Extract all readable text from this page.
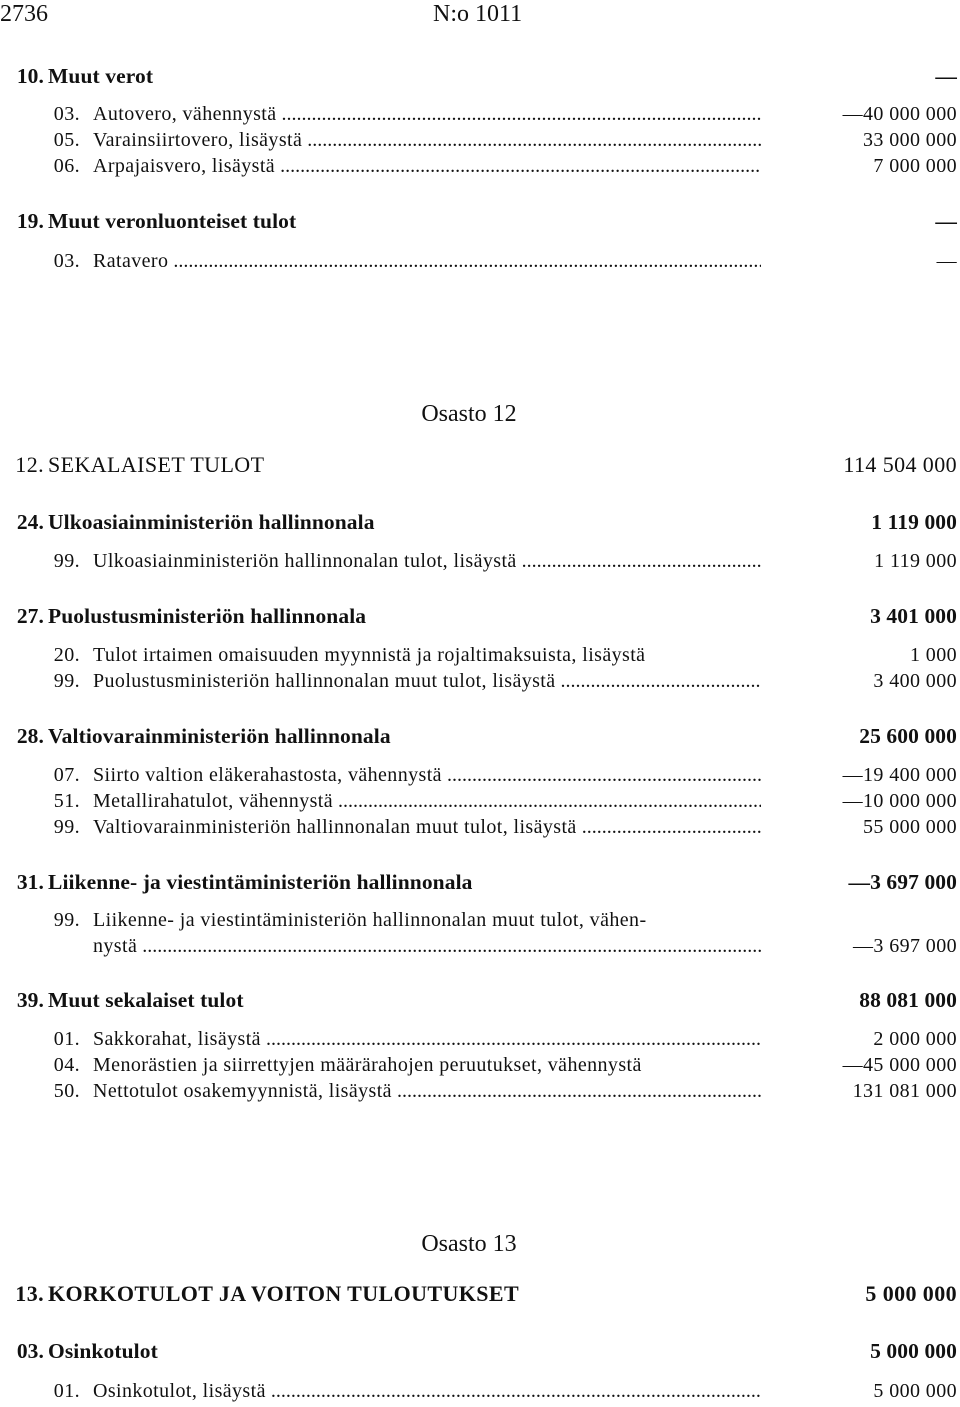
2736	N:o 1011
10. Muut verot	—
03. Autovero, vähennystä .....	—40 000 000
05. Varainsiirtovero, lisäystä .....	33 000 000
06. Arpajaisvero, lisäystä .....	7 000 000
19. Muut veronluonteiset tulot	—
03. Ratavero .....	—
Osasto 12
12. SEKALAISET TULOT	114 504 000
24. Ulkoasiainministeriön hallinnonala	1 119 000
99. Ulkoasiainministeriön hallinnonalan tulot, lisäystä .....	1 119 000
27. Puolustusministeriön hallinnonala	3 401 000
20. Tulot irtaimen omaisuuden myynnistä ja rojaltimaksuista, lisäystä	1 000
99. Puolustusministeriön hallinnonalan muut tulot, lisäystä .....	3 400 000
28. Valtiovarainministeriön hallinnonala	25 600 000
07. Siirto valtion eläkerahastosta, vähennystä .....	—19 400 000
51. Metallirahatulot, vähennystä .....	—10 000 000
99. Valtiovarainministeriön hallinnonalan muut tulot, lisäystä .....	55 000 000
31. Liikenne- ja viestintäministeriön hallinnonala	—3 697 000
99. Liikenne- ja viestintäministeriön hallinnonalan muut tulot, vähen-
nystä .....	—3 697 000
39. Muut sekalaiset tulot	88 081 000
01. Sakkorahat, lisäystä .....	2 000 000
04. Menorästien ja siirrettyjen määrärahojen peruutukset, vähennystä	—45 000 000
50. Nettotulot osakemyynnistä, lisäystä .....	131 081 000
Osasto 13
13. KORKOTULOT JA VOITON TULOUTUKSET	5 000 000
03. Osinkotulot	5 000 000
01. Osinkotulot, lisäystä .....	5 000 000
